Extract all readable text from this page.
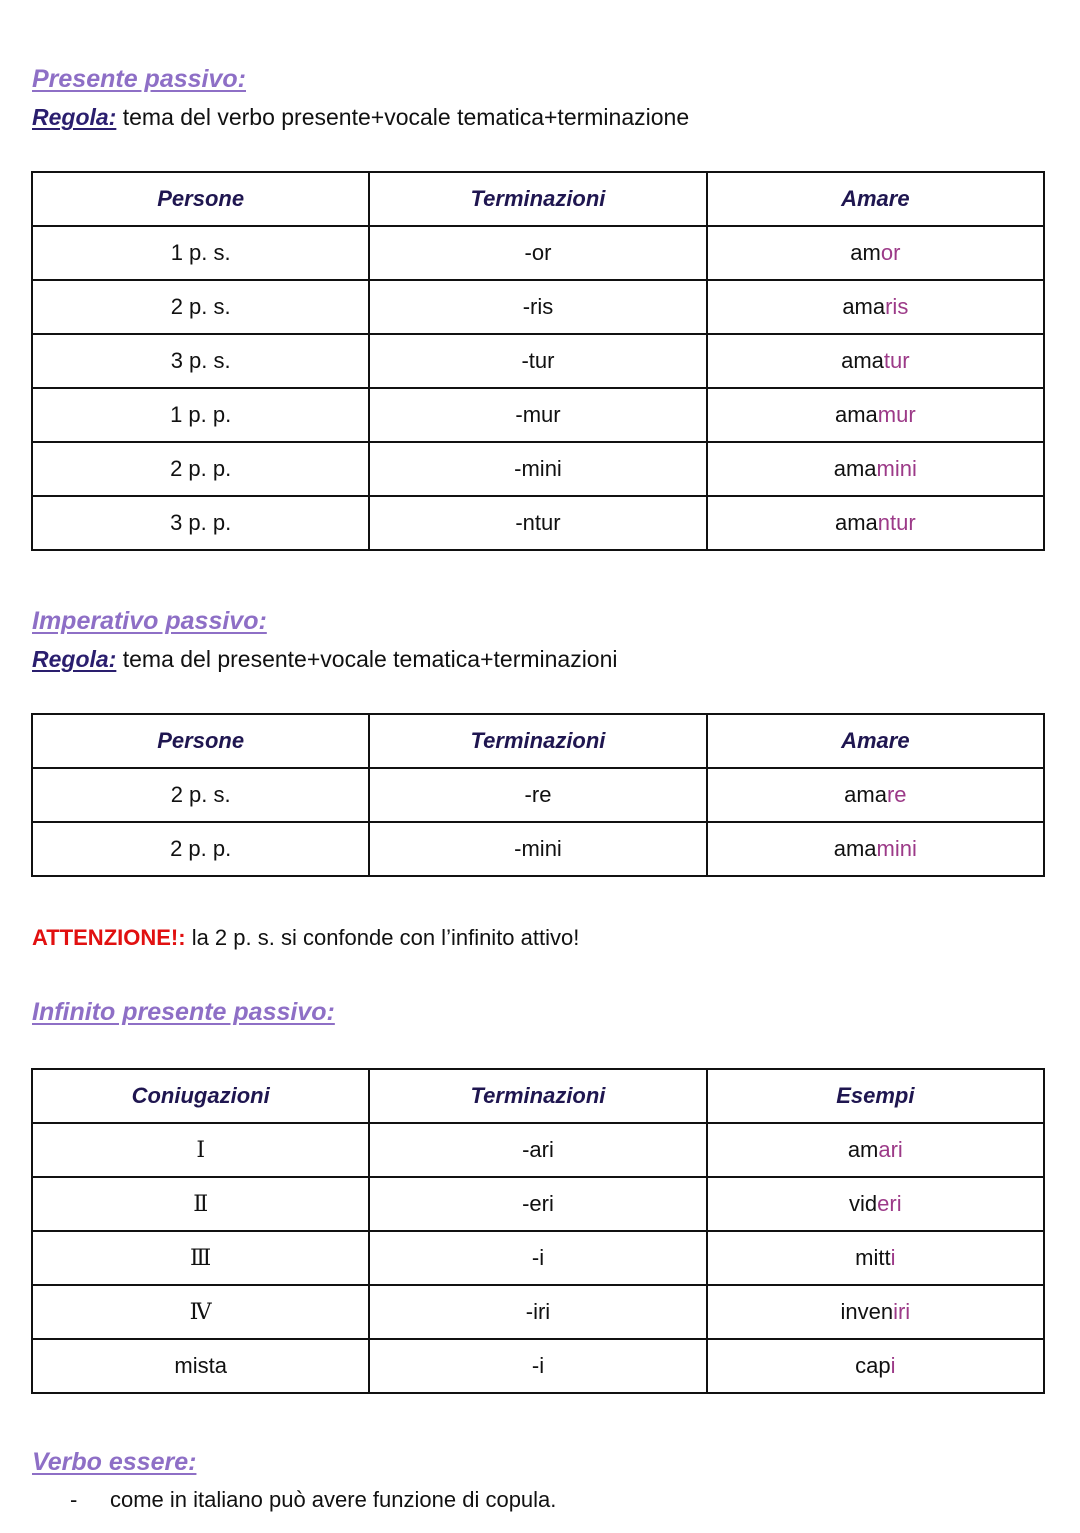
Presente passivo:

Regola: tema del verbo presente+vocale tematica+terminazione

Persone	Terminazioni	Amare
1 p. s.	-or	amor
2 p. s.	-ris	amaris
3 p. s.	-tur	amatur
1 p. p.	-mur	amamur
2 p. p.	-mini	amamini
3 p. p.	-ntur	amantur
Imperativo passivo:

Regola: tema del presente+vocale tematica+terminazioni

Persone	Terminazioni	Amare
2 p. s.	-re	amare
2 p. p.	-mini	amamini

ATTENZIONE!: la 2 p. s. si confonde con l’infinito attivo!

Infinito presente passivo:
Coniugazioni	Terminazioni	Esempi
Ⅰ	-ari	amari
Ⅱ	-eri	videri
Ⅲ	-i	mitti
Ⅳ	-iri	inveniri
mista	-i	capi
Verbo essere:
- come in italiano può avere funzione di copula.
